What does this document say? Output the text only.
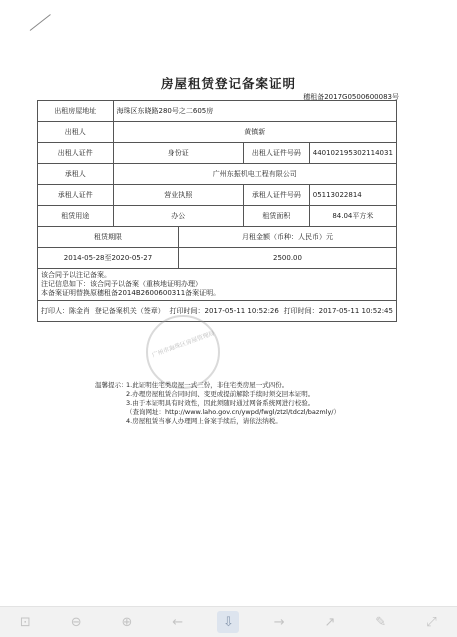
房屋租赁登记备案证明
穗租备2017G0500600083号
出租房屋地址	海珠区东晓路280号之二605房			
出租人	黄镇新			
出租人证件	身份证		出租人证件号码	440102195302114031
承租人	广州东振机电工程有限公司			
承租人证件	营业执照		承租人证件号码	05113022814
租赁用途	办公		租赁面积	84.04平方米
租赁期限		月租金额（币种：人民币）元		
2014-05-28至2020-05-27		2500.00		

该合同予以注记备案。
注记信息如下：该合同予以备案（重核地证明办理）
本备案证明替换原穗租备2014B2600600311备案证明。				

打印人：陈金肖 登记备案机关（签章） 打印时间：2017-05-11 10:52:26 打印时间：2017-05-11 10:52:45				
广州市海珠区房屋管理局
温馨提示：
1.此证明住宅类房屋一式三份，非住宅类房屋一式四份。
2.办理房屋租赁合同时间、变更或提前解除手续时须交回本证明。
3.由于本证明具有时效性，因此须随时通过网备系统网进行校验。
（查询网址：http://www.laho.gov.cn/ywpd/fwgl/ztzl/tdczl/bazmly/）
4.房屋租赁当事人办理网上备案手续后，请依法纳税。
⊡	⊖	⊕	←	⇩	→	↗	✎	⤢
